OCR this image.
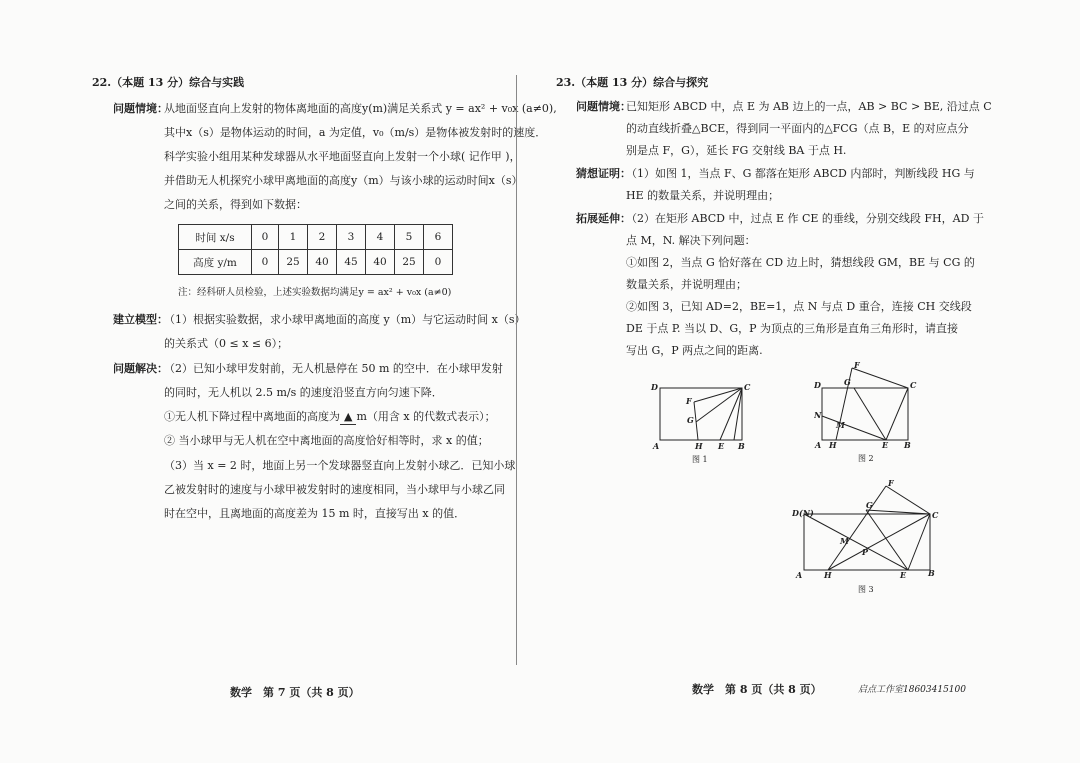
22.（本题 13 分）综合与实践
问题情境：
从地面竖直向上发射的物体离地面的高度y(m)满足关系式 y = ax² + v₀x (a≠0),
其中x（s）是物体运动的时间，a 为定值，v₀（m/s）是物体被发射时的速度．
科学实验小组用某种发球器从水平地面竖直向上发射一个小球( 记作甲 )，
并借助无人机探究小球甲离地面的高度y（m）与该小球的运动时间x（s）
之间的关系，得到如下数据：
时间 x/s	0	1	2	3	4	5	6
高度 y/m	0	25	40	45	40	25	0
注：经科研人员检验，上述实验数据均满足y = ax² + v₀x (a≠0)
建立模型：
（1）根据实验数据，求小球甲离地面的高度 y（m）与它运动时间 x（s）
的关系式（0 ≤ x ≤ 6）；
问题解决：
（2）已知小球甲发射前，无人机悬停在 50 m 的空中．在小球甲发射
的同时，无人机以 2.5 m/s 的速度沿竖直方向匀速下降．
①无人机下降过程中离地面的高度为 ▲ m（用含 x 的代数式表示）；
② 当小球甲与无人机在空中离地面的高度恰好相等时，求 x 的值；
（3）当 x = 2 时，地面上另一个发球器竖直向上发射小球乙．已知小球
乙被发射时的速度与小球甲被发射时的速度相同，当小球甲与小球乙同
时在空中，且离地面的高度差为 15 m 时，直接写出 x 的值．
数学　第 7 页（共 8 页）
23.（本题 13 分）综合与探究
问题情境：
已知矩形 ABCD 中，点 E 为 AB 边上的一点，AB > BC > BE, 沿过点 C
的动直线折叠△BCE，得到同一平面内的△FCG（点 B，E 的对应点分
别是点 F，G），延长 FG 交射线 BA 于点 H.
猜想证明：
（1）如图 1，当点 F、G 都落在矩形 ABCD 内部时，判断线段 HG 与
HE 的数量关系，并说明理由；
拓展延伸：
（2）在矩形 ABCD 中，过点 E 作 CE 的垂线，分别交线段 FH，AD 于
点 M，N. 解决下列问题：
①如图 2，当点 G 恰好落在 CD 边上时，猜想线段 GM，BE 与 CG 的
数量关系，并说明理由；
②如图 3，已知 AD=2，BE=1，点 N 与点 D 重合，连接 CH 交线段
DE 于点 P. 当以 D、G，P 为顶点的三角形是直角三角形时，请直接
写出 G，P 两点之间的距离.
D	C
F
G
A	H E B
图 1
F
G
D	C
N
M
A H	E B
图 2
F
G
D(N)	C
M
P
A	H	E	B
图 3
数学　第 8 页（共 8 页）	启点工作室18603415100
